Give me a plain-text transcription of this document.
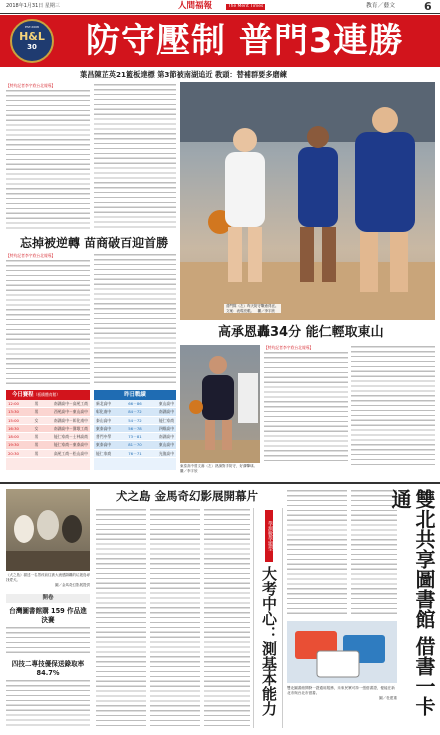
2018年1月31日 星期三	人間福報	The Merit Times	教育／藝文	6
EST.2008
H&L
30	防守壓制 普門3連勝
葉昌陳芷英21籃板達標 第3節被南湖追近 教頭：替補群要多磨練
【特約記者李宇欣台北報導】
普門隊（左）昨天防守戰術得宜。
文案：表現亮眼。　攝／李宇欣
忘掉被逆轉 苗商破百迎首勝
【特約記者李宇欣台北報導】
高承恩轟34分 能仁輕取東山
【特約記者李宇欣台北報導】
今日賽程（板橋體育館）
12:00	男	南湖高中－高苑工商
13:30	男	西苑高中－東山高中
15:00	女	南湖高中－彰化南中
16:30	女	南湖高中－鶯歌工商
18:00	男	能仁家商－士林高商
19:30	男	能仁家商－東泰高中
20:30	男	高苑工商－松山高中
昨日戰績
新北高中	66－86	東山高中
彰化南中	84－72	南湖高中
泰山高中	54－72	能仁家商
東泰高中	56－78	四維高中
普門中學	73－81	南湖高中
東泰高中	81－70	東山高中
能仁家商	76－71	光復高中
東泰高中曾文壽（左）熟讀對手防守，好溝擊球。攝／李宇欣
《犬之島》描述一名男孩前往被大流感隔離的垃圾島尋找愛犬。
圖／金馬奇幻影展提供
開卷
台灣圖書館購 159 作品進決賽
四技二專技優保送錄取率84.7%
犬之島 金馬奇幻影展開幕片
學測數學題型
大考中心：測基本能力	雙北圖書館開發一證通用服務，未來民眾可持一張借書證，便能在新北市與台北市借書。
圖／杜建重 雙北共享圖書館 借書一卡通
